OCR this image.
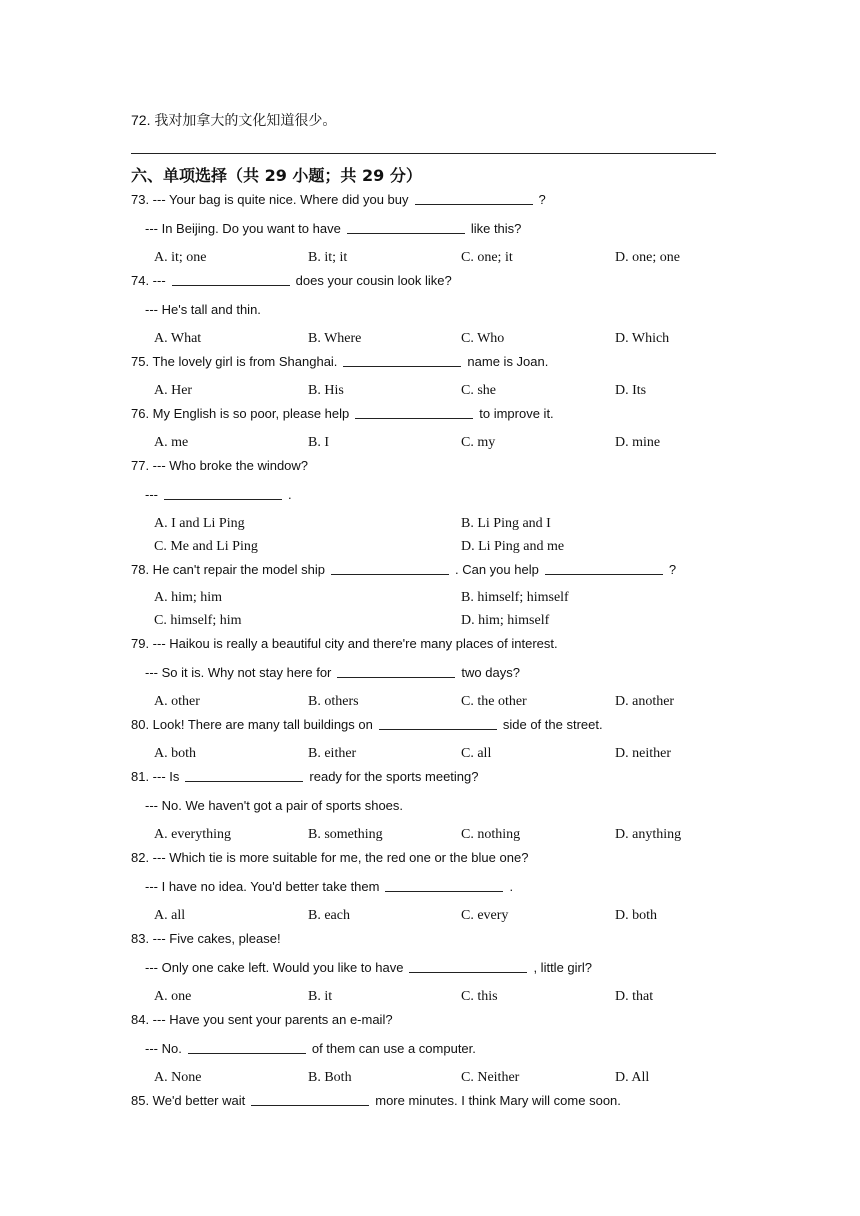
72. 我对加拿大的文化知道很少。
六、单项选择（共 29 小题；共 29 分）
73. --- Your bag is quite nice. Where did you buy	?
--- In Beijing. Do you want to have	like this?
A. it; one	B. it; it	C. one; it	D. one; one
74. ---	does your cousin look like?
--- He's tall and thin.
A. What	B. Where	C. Who	D. Which
75. The lovely girl is from Shanghai.	name is Joan.
A. Her	B. His	C. she	D. Its
76. My English is so poor, please help	to improve it.
A. me	B. I	C. my	D. mine
77. --- Who broke the window?
---	.
A. I and Li Ping	B. Li Ping and I
C. Me and Li Ping	D. Li Ping and me
78. He can't repair the model ship	. Can you help	?
A. him; him	B. himself; himself
C. himself; him	D. him; himself
79. --- Haikou is really a beautiful city and there're many places of interest.
--- So it is. Why not stay here for	two days?
A. other	B. others	C. the other	D. another
80. Look! There are many tall buildings on	side of the street.
A. both	B. either	C. all	D. neither
81. --- Is	ready for the sports meeting?
--- No. We haven't got a pair of sports shoes.
A. everything	B. something	C. nothing	D. anything
82. --- Which tie is more suitable for me, the red one or the blue one?
--- I have no idea. You'd better take them	.
A. all	B. each	C. every	D. both
83. --- Five cakes, please!
--- Only one cake left. Would you like to have	, little girl?
A. one	B. it	C. this	D. that
84. --- Have you sent your parents an e-mail?
--- No.	of them can use a computer.
A. None	B. Both	C. Neither	D. All
85. We'd better wait	more minutes. I think Mary will come soon.
